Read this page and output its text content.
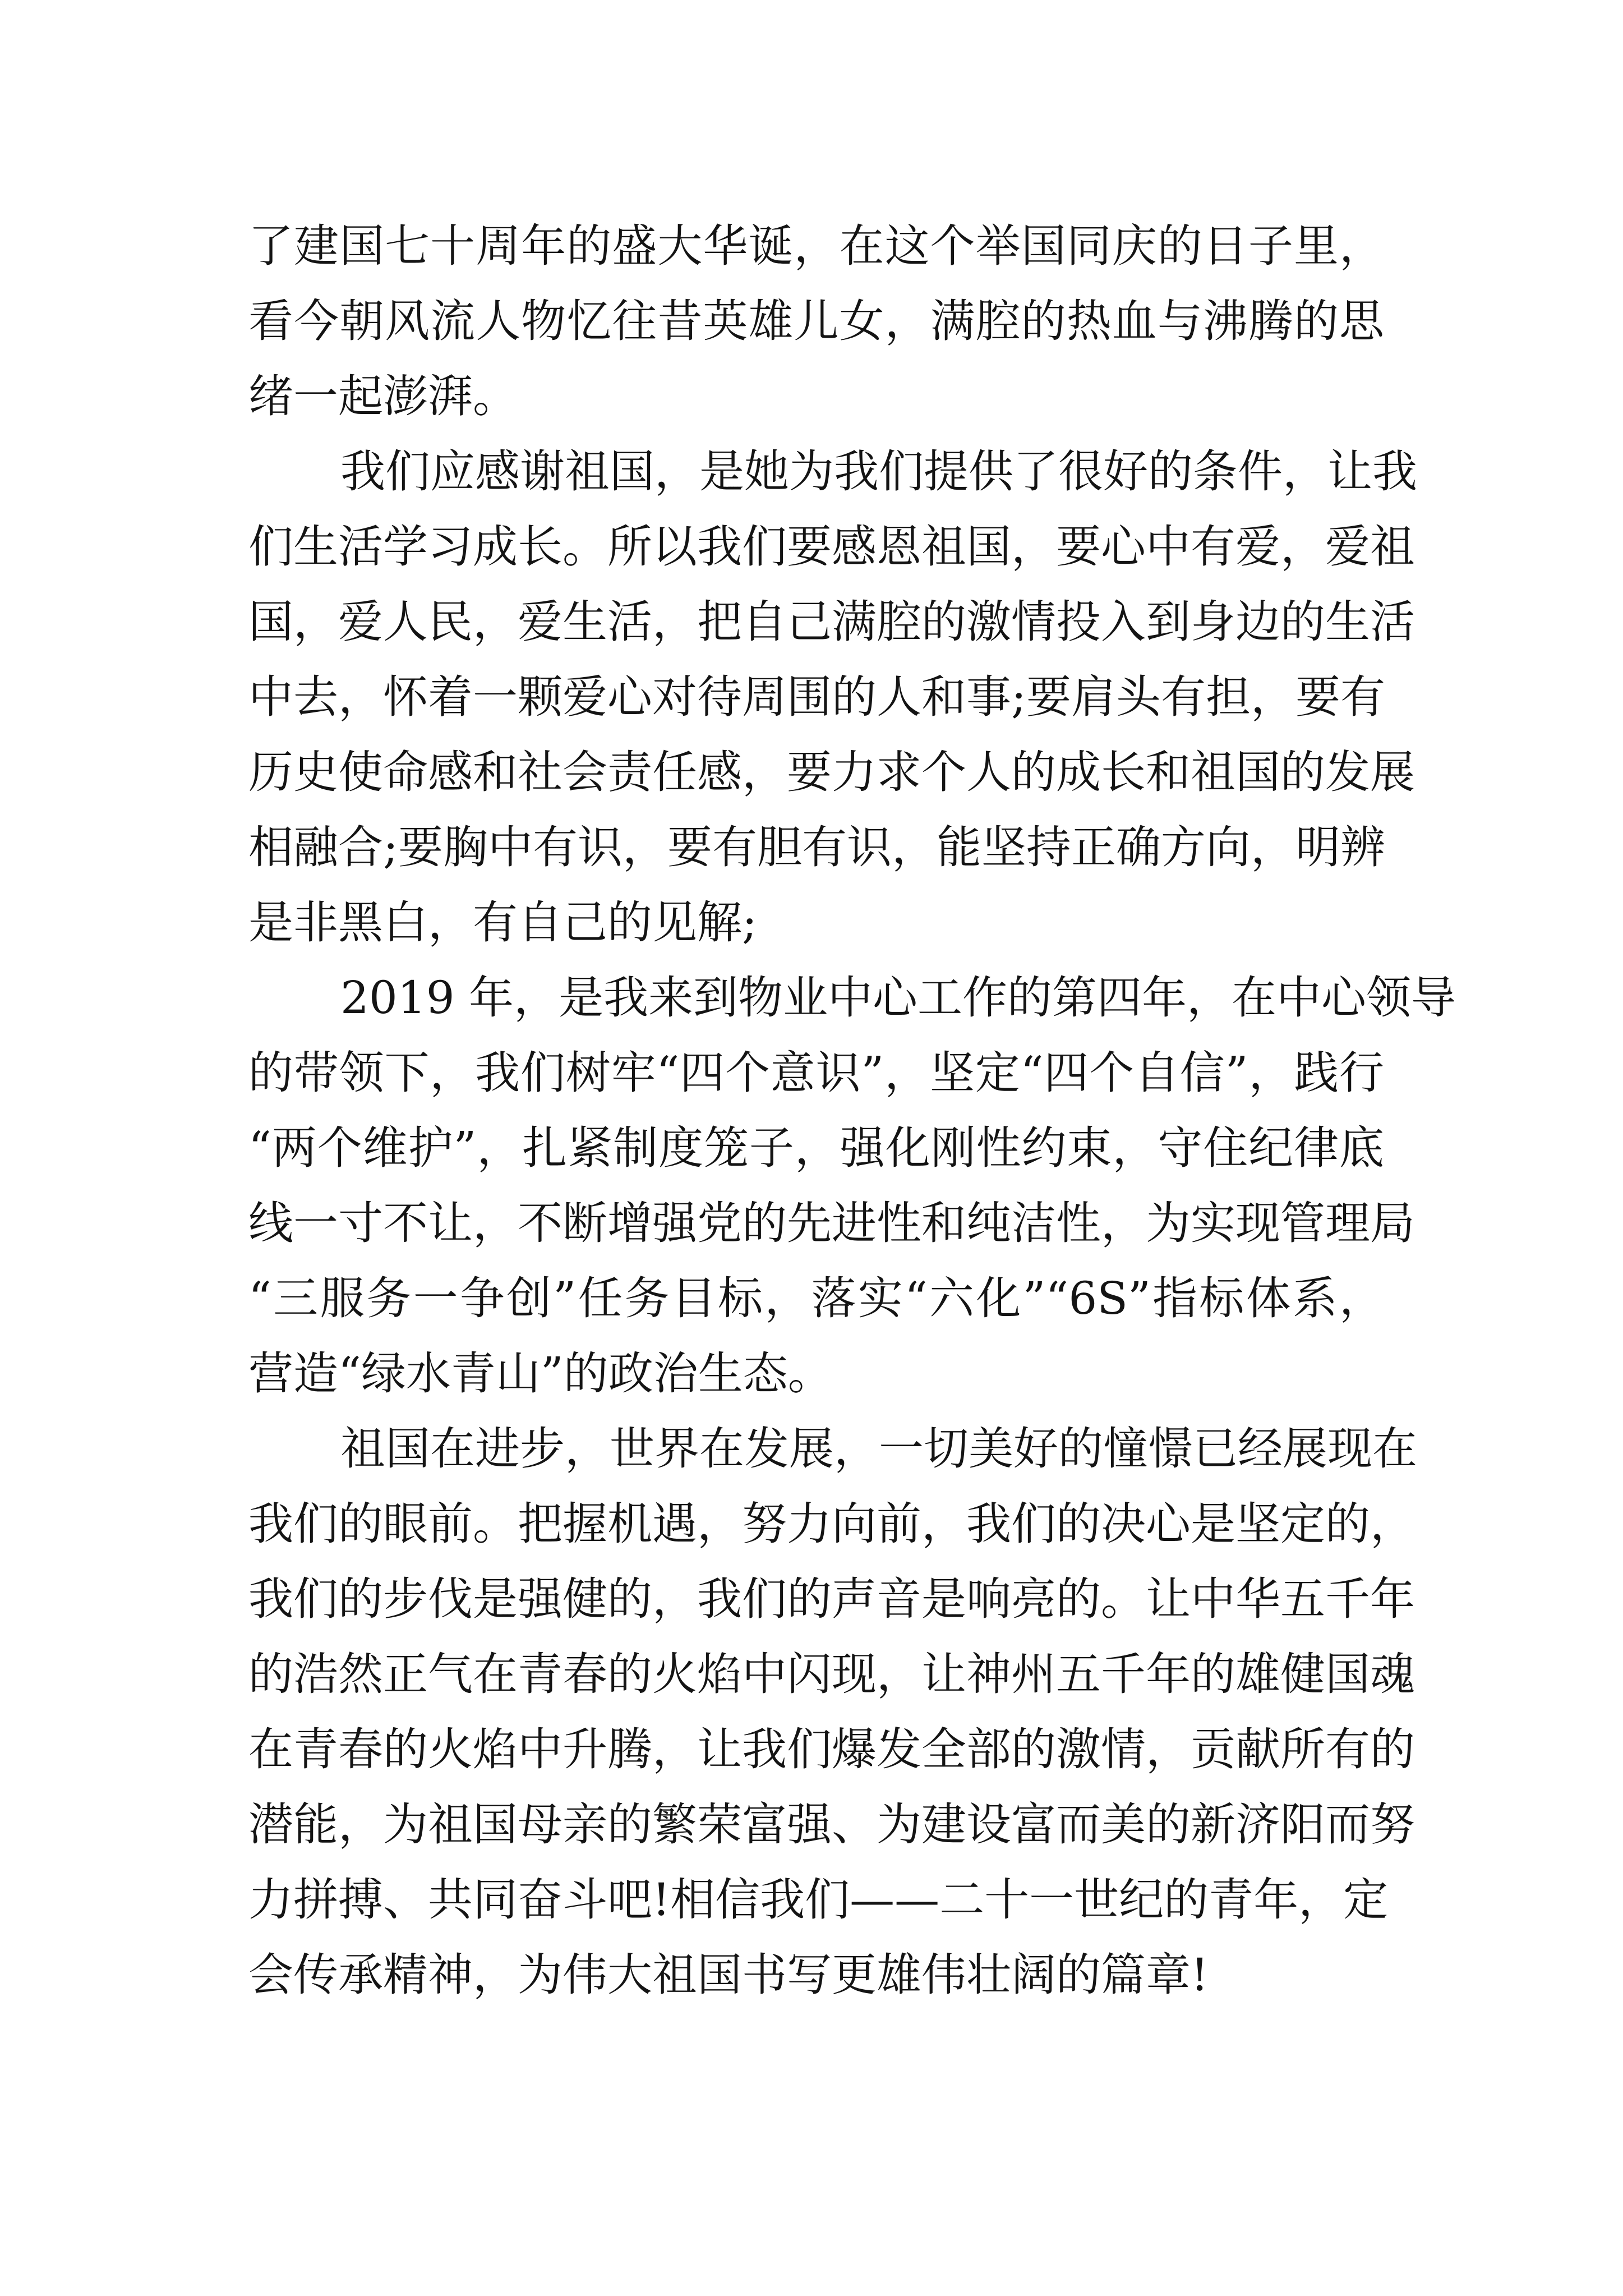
了建国七十周年的盛大华诞，在这个举国同庆的日子里，
看今朝风流人物忆往昔英雄儿女，满腔的热血与沸腾的思
绪一起澎湃。
我们应感谢祖国，是她为我们提供了很好的条件，让我
们生活学习成长。所以我们要感恩祖国，要心中有爱，爱祖
国，爱人民，爱生活，把自己满腔的激情投入到身边的生活
中去，怀着一颗爱心对待周围的人和事;要肩头有担，要有
历史使命感和社会责任感，要力求个人的成长和祖国的发展
相融合;要胸中有识，要有胆有识，能坚持正确方向，明辨
是非黑白，有自己的见解;
2019 年，是我来到物业中心工作的第四年，在中心领导
的带领下，我们树牢“四个意识”，坚定“四个自信”，践行
“两个维护”，扎紧制度笼子，强化刚性约束，守住纪律底
线一寸不让，不断增强党的先进性和纯洁性，为实现管理局
“三服务一争创”任务目标，落实“六化”“6S”指标体系，
营造“绿水青山”的政治生态。
祖国在进步，世界在发展，一切美好的憧憬已经展现在
我们的眼前。把握机遇，努力向前，我们的决心是坚定的，
我们的步伐是强健的，我们的声音是响亮的。让中华五千年
的浩然正气在青春的火焰中闪现，让神州五千年的雄健国魂
在青春的火焰中升腾，让我们爆发全部的激情，贡献所有的
潜能，为祖国母亲的繁荣富强、为建设富而美的新济阳而努
力拼搏、共同奋斗吧!相信我们——二十一世纪的青年，定
会传承精神，为伟大祖国书写更雄伟壮阔的篇章!
